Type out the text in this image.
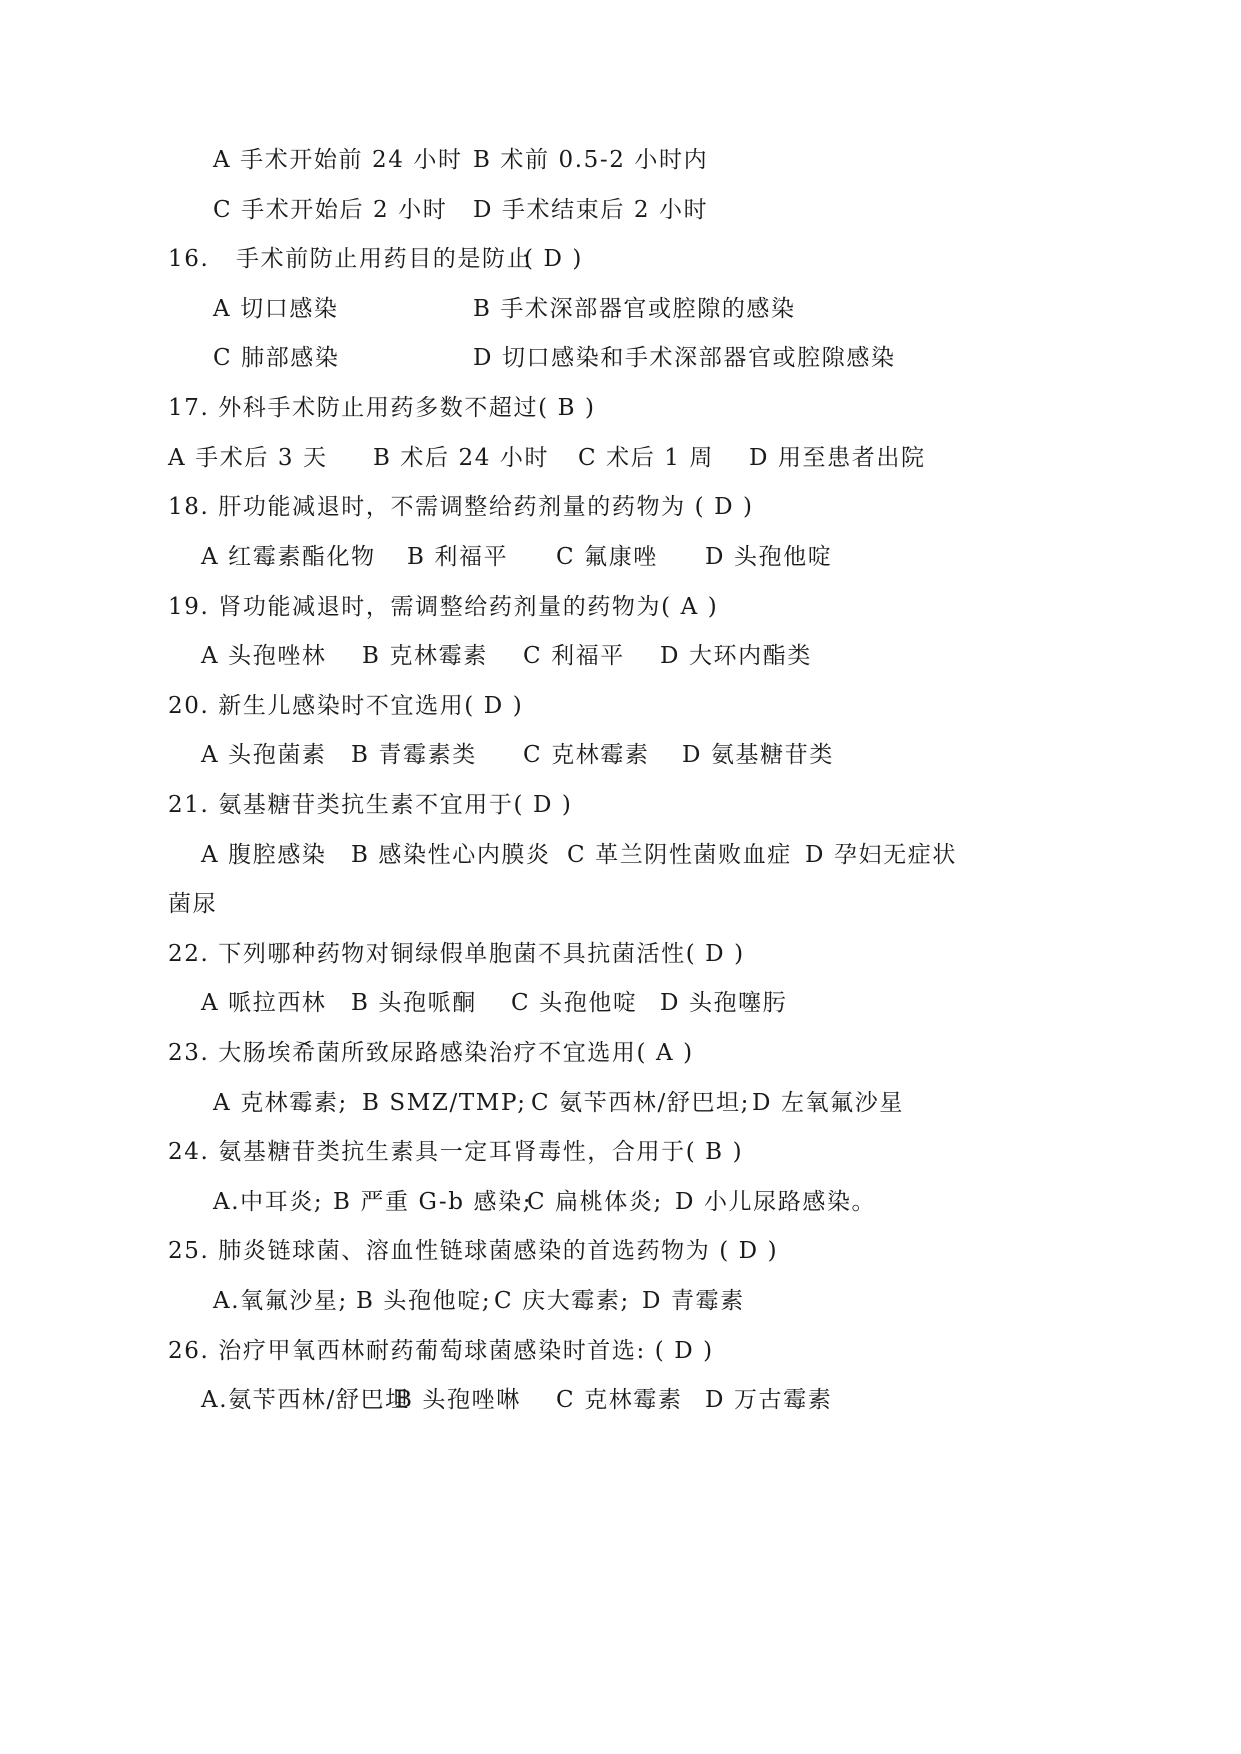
A 手术开始前 24 小时 B 术前 0.5-2 小时内
C 手术开始后 2 小时 D 手术结束后 2 小时
16. 手术前防止用药目的是防止
( D )
A 切口感染	B 手术深部器官或腔隙的感染
C 肺部感染	D 切口感染和手术深部器官或腔隙感染
17. 外科手术防止用药多数不超过( B )
A 手术后 3 天 B 术后 24 小时 C 术后 1 周 D 用至患者出院
18. 肝功能减退时，不需调整给药剂量的药物为 ( D )
A 红霉素酯化物 B 利福平 C 氟康唑 D 头孢他啶
19. 肾功能减退时，需调整给药剂量的药物为( A )
A 头孢唑林 B 克林霉素 C 利福平 D 大环内酯类
20. 新生儿感染时不宜选用( D )
A 头孢菌素 B 青霉素类 C 克林霉素 D 氨基糖苷类
21. 氨基糖苷类抗生素不宜用于( D )
A 腹腔感染 B 感染性心内膜炎 C 革兰阴性菌败血症 D 孕妇无症状
菌尿
22. 下列哪种药物对铜绿假单胞菌不具抗菌活性( D )
A 哌拉西林 B 头孢哌酮 C 头孢他啶 D 头孢噻肟
23. 大肠埃希菌所致尿路感染治疗不宜选用( A )
A 克林霉素; B SMZ/TMP; C 氨苄西林/舒巴坦; D 左氧氟沙星
24. 氨基糖苷类抗生素具一定耳肾毒性，合用于( B )
A.中耳炎; B 严重 G-b 感染;
C 扁桃体炎; D 小儿尿路感染。
25. 肺炎链球菌、溶血性链球菌感染的首选药物为 ( D )
A.氧氟沙星; B 头孢他啶; C 庆大霉素; D 青霉素
26. 治疗甲氧西林耐药葡萄球菌感染时首选: ( D )
A.氨苄西林/舒巴坦
B 头孢唑啉 C 克林霉素 D 万古霉素
